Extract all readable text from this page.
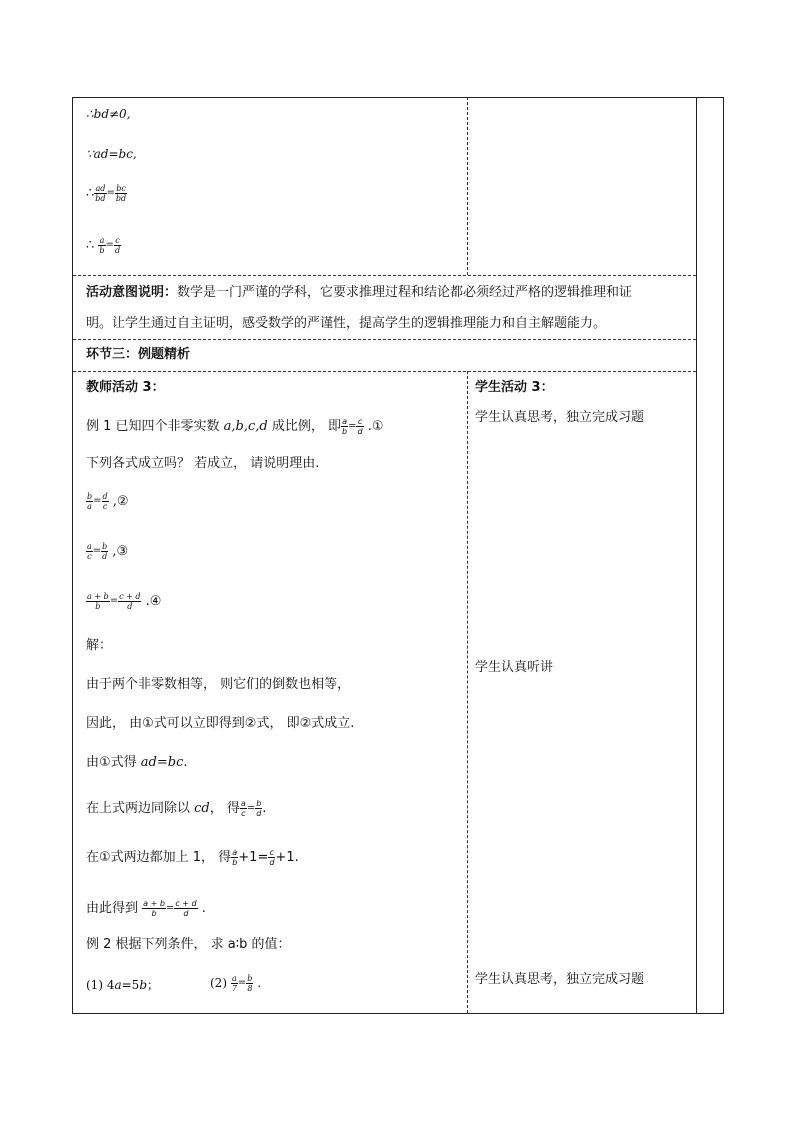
∴bd≠0,
∵ad=bc,
∴ $\frac{ad}{bd} = \frac{bc}{bd}$
∴ $\frac{a}{b} = \frac{c}{d}$
活动意图说明：数学是一门严谨的学科，它要求推理过程和结论都必须经过严格的逻辑推理和证
明。让学生通过自主证明，感受数学的严谨性，提高学生的逻辑推理能力和自主解题能力。
环节三：例题精析
教师活动 3：
例 1 已知四个非零实数 a,b,c,d 成比例， 即 $\frac{a}{b} = \frac{c}{d}$ .①
下列各式成立吗？ 若成立， 请说明理由.
$\frac{b}{a} = \frac{d}{c}$ ,②
$\frac{a}{c} = \frac{b}{d}$ ,③
$\frac{a + b}{b} = \frac{c + d}{d}$ .④
解：
由于两个非零数相等， 则它们的倒数也相等，
因此， 由①式可以立即得到②式， 即②式成立.
由①式得 ad=bc.
在上式两边同除以 cd， 得 $\frac{a}{c} = \frac{b}{d}$ .
在①式两边都加上 1， 得 $\frac{a}{b} +1= \frac{c}{d} +1$.
由此得到 $\frac{a + b}{b} = \frac{c + d}{d}$ .
例 2 根据下列条件， 求 a∶b 的值：
(1) 4a=5b；	$(2) \frac{a}{7} = \frac{b}{8}$ .
学生活动 3：
学生认真思考，独立完成习题
学生认真听讲
学生认真思考，独立完成习题
